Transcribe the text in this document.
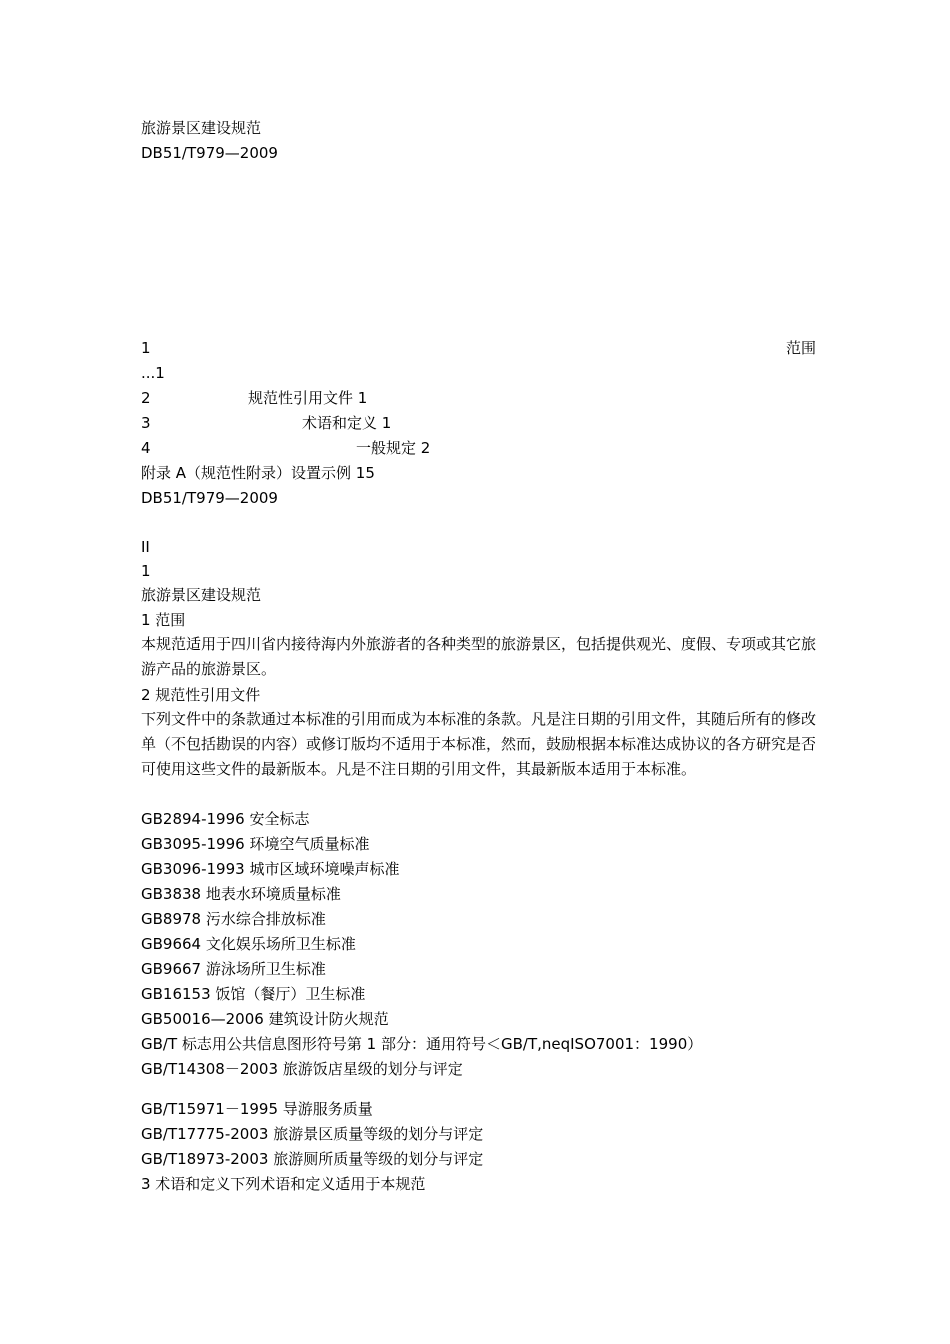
旅游景区建设规范
DB51/T979—2009
1	范围
...1
2	规范性引用文件 1
3	术语和定义 1
4	一般规定 2
附录 A（规范性附录）设置示例 15
DB51/T979—2009
II
1
旅游景区建设规范
1 范围
本规范适用于四川省内接待海内外旅游者的各种类型的旅游景区，包括提供观光、度假、专项或其它旅游产品的旅游景区。
2 规范性引用文件
下列文件中的条款通过本标准的引用而成为本标准的条款。凡是注日期的引用文件，其随后所有的修改单（不包括勘误的内容）或修订版均不适用于本标准，然而，鼓励根据本标准达成协议的各方研究是否可使用这些文件的最新版本。凡是不注日期的引用文件，其最新版本适用于本标准。
GB2894-1996 安全标志
GB3095-1996 环境空气质量标准
GB3096-1993 城市区域环境噪声标准
GB3838 地表水环境质量标准
GB8978 污水综合排放标准
GB9664 文化娱乐场所卫生标准
GB9667 游泳场所卫生标准
GB16153 饭馆（餐厅）卫生标准
GB50016—2006 建筑设计防火规范
GB/T 标志用公共信息图形符号第 1 部分：通用符号＜GB/T,neqISO7001：1990）
GB/T14308－2003 旅游饭店星级的划分与评定
GB/T15971－1995 导游服务质量
GB/T17775-2003 旅游景区质量等级的划分与评定
GB/T18973-2003 旅游厕所质量等级的划分与评定
3 术语和定义下列术语和定义适用于本规范
